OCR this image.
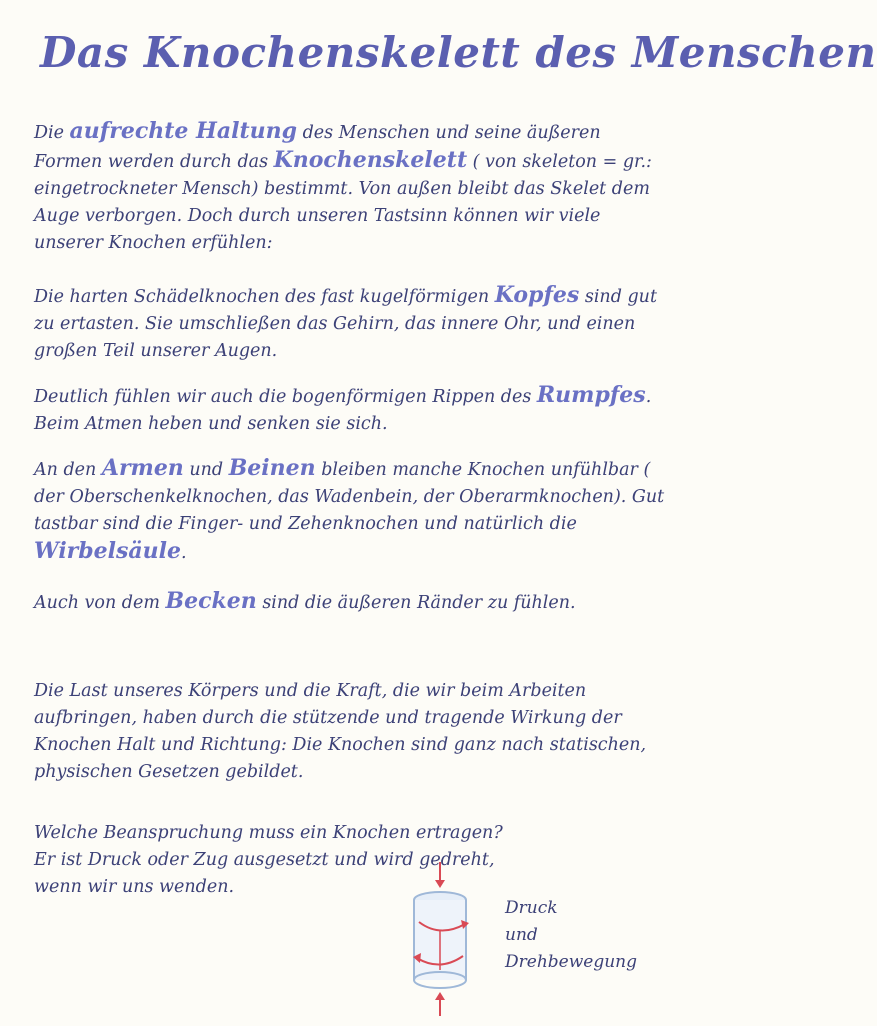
Das Knochenskelett des Menschen
Die aufrechte Haltung des Menschen und seine äußeren Formen werden durch das Knochenskelett ( von skeleton = gr.: eingetrockneter Mensch) bestimmt. Von außen bleibt das Skelet dem Auge verborgen. Doch durch unseren Tastsinn können wir viele unserer Knochen erfühlen:
Die harten Schädelknochen des fast kugelförmigen Kopfes sind gut zu ertasten. Sie umschließen das Gehirn, das innere Ohr, und einen großen Teil unserer Augen.
Deutlich fühlen wir auch die bogenförmigen Rippen des Rumpfes. Beim Atmen heben und senken sie sich.
An den Armen und Beinen bleiben manche Knochen unfühlbar ( der Oberschenkelknochen, das Wadenbein, der Oberarmknochen). Gut tastbar sind die Finger- und Zehenknochen und natürlich die Wirbelsäule.
Auch von dem Becken sind die äußeren Ränder zu fühlen.
Die Last unseres Körpers und die Kraft, die wir beim Arbeiten aufbringen, haben durch die stützende und tragende Wirkung der Knochen Halt und Richtung: Die Knochen sind ganz nach statischen, physischen Gesetzen gebildet.
Welche Beanspruchung muss ein Knochen ertragen?
Er ist Druck oder Zug ausgesetzt und wird gedreht, wenn wir uns wenden.
Druck
und
Drehbewegung
